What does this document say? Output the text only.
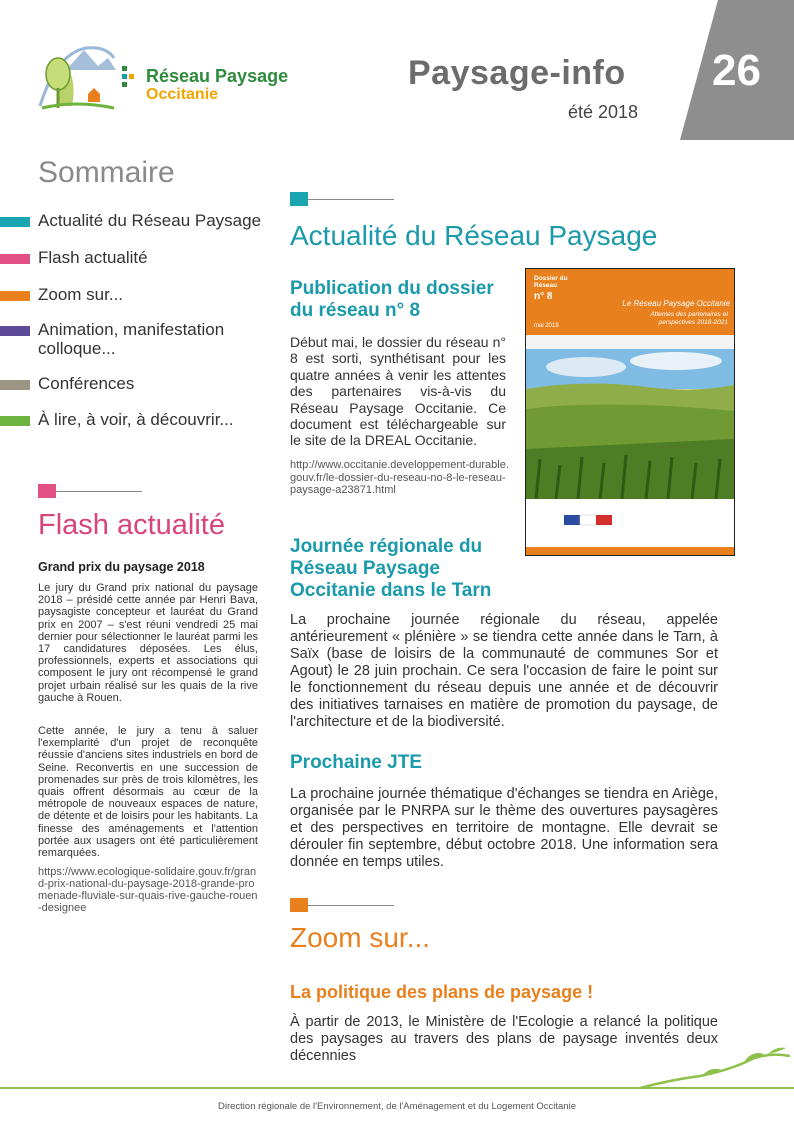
Réseau Paysage
Occitanie
Paysage-info
été 2018
26
Sommaire
Actualité du Réseau Paysage
Flash actualité
Zoom sur...
Animation, manifestation colloque...
Conférences
À lire, à voir, à découvrir...
Flash actualité
Grand prix du paysage 2018
Le jury du Grand prix national du paysage 2018 – présidé cette année par Henri Bava, paysagiste concepteur et lauréat du Grand prix en 2007 – s'est réuni vendredi 25 mai dernier pour sélectionner le lauréat parmi les 17 candidatures déposées. Les élus, professionnels, experts et associations qui composent le jury ont récompensé le grand projet urbain réalisé sur les quais de la rive gauche à Rouen.
Cette année, le jury a tenu à saluer l'exemplarité d'un projet de reconquête réussie d'anciens sites industriels en bord de Seine. Reconvertis en une succession de promenades sur près de trois kilomètres, les quais offrent désormais au cœur de la métropole de nouveaux espaces de nature, de détente et de loisirs pour les habitants. La finesse des aménagements et l'attention portée aux usagers ont été particulièrement remarquées.
https://www.ecologique-solidaire.gouv.fr/grand-prix-national-du-paysage-2018-grande-promenade-fluviale-sur-quais-rive-gauche-rouen-designee
Actualité du Réseau Paysage
Publication du dossier du réseau n° 8
Début mai, le dossier du réseau n° 8 est sorti, synthétisant pour les quatre années à venir les attentes des partenaires vis-à-vis du Réseau Paysage Occitanie. Ce document est téléchargeable sur le site de la DREAL Occitanie.
http://www.occitanie.developpement-durable.gouv.fr/le-dossier-du-reseau-no-8-le-reseau-paysage-a23871.html
Dossier du Réseau
n° 8
mai 2018
Le Réseau Paysage Occitanie
Attentes des partenaires et perspectives 2018-2021
Journée régionale du Réseau Paysage Occitanie dans le Tarn
La prochaine journée régionale du réseau, appelée antérieurement « plénière » se tiendra cette année dans le Tarn, à Saïx (base de loisirs de la communauté de communes Sor et Agout) le 28 juin prochain. Ce sera l'occasion de faire le point sur le fonctionnement du réseau depuis une année et de découvrir des initiatives tarnaises en matière de promotion du paysage, de l'architecture et de la biodiversité.
Prochaine JTE
La prochaine journée thématique d'échanges se tiendra en Ariège, organisée par le PNRPA sur le thème des ouvertures paysagères et des perspectives en territoire de montagne. Elle devrait se dérouler fin septembre, début octobre 2018. Une information sera donnée en temps utiles.
Zoom sur...
La politique des plans de paysage !
À partir de 2013, le Ministère de l'Ecologie a relancé la politique des paysages au travers des plans de paysage inventés deux décennies
Direction régionale de l'Environnement, de l'Aménagement et du Logement Occitanie
